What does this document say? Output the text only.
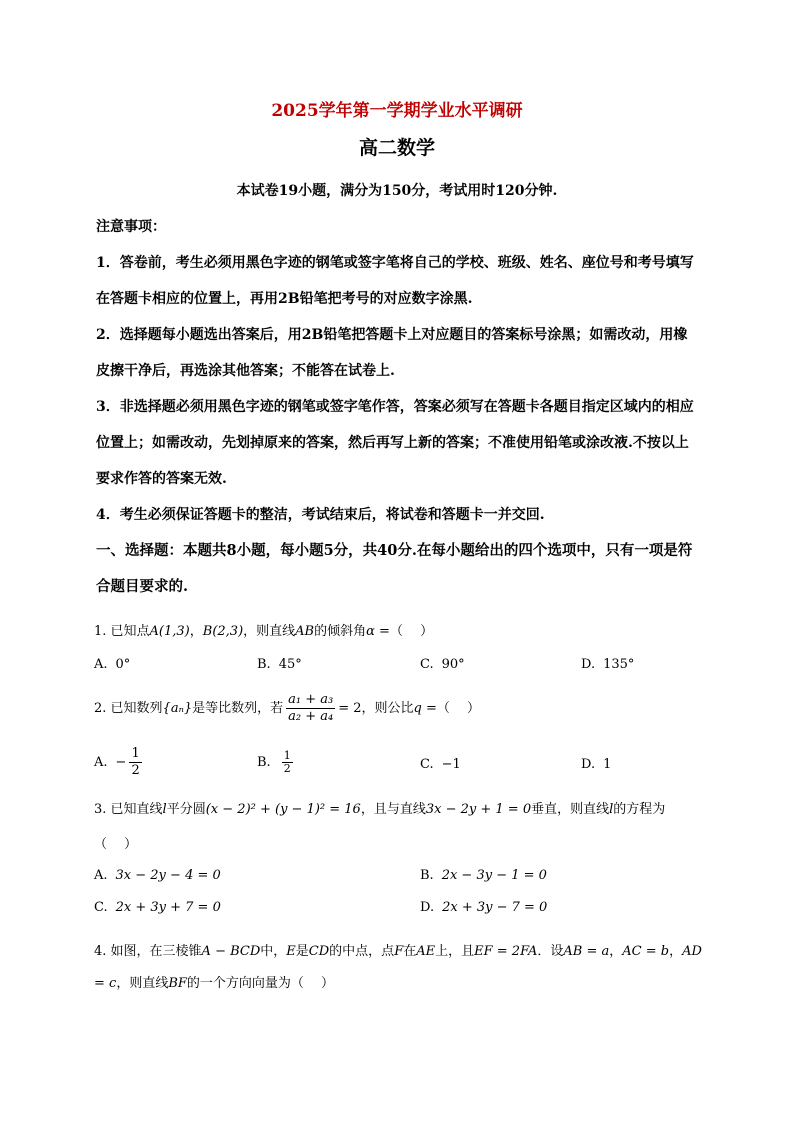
2025学年第一学期学业水平调研
高二数学
本试卷19小题，满分为150分，考试用时120分钟.
注意事项：
1．答卷前，考生必须用黑色字迹的钢笔或签字笔将自己的学校、班级、姓名、座位号和考号填写在答题卡相应的位置上，再用2B铅笔把考号的对应数字涂黑.
2．选择题每小题选出答案后，用2B铅笔把答题卡上对应题目的答案标号涂黑；如需改动，用橡皮擦干净后，再选涂其他答案；不能答在试卷上.
3．非选择题必须用黑色字迹的钢笔或签字笔作答，答案必须写在答题卡各题目指定区域内的相应位置上；如需改动，先划掉原来的答案，然后再写上新的答案；不准使用铅笔或涂改液.不按以上要求作答的答案无效.
4．考生必须保证答题卡的整洁，考试结束后，将试卷和答题卡一并交回.
一、选择题：本题共8小题，每小题5分，共40分.在每小题给出的四个选项中，只有一项是符合题目要求的.
1. 已知点A(1,3)，B(2,3)，则直线AB的倾斜角α =（　 ）
A. 0°	B. 45°	C. 90°	D. 135°
2. 已知数列{aₙ}是等比数列，若 $\frac{\text{a₁ + a₃}}{\text{a₂ + a₄}} = 2$，则公比q =（　 ）
A. − $\frac{1}{2}$	B. $\frac{1}{2}$	C. −1	D. 1
3. 已知直线l平分圆(x − 2)² + (y − 1)² = 16，且与直线3x − 2y + 1 = 0垂直，则直线l的方程为
（　 ）
A. 3x − 2y − 4 = 0	B. 2x − 3y − 1 = 0
C. 2x + 3y + 7 = 0	D. 2x + 3y − 7 = 0
4. 如图，在三棱锥A − BCD中，E是CD的中点，点F在AE上，且EF = 2FA．设AB = a，AC = b，AD = c，则直线BF的一个方向向量为（　 ）
